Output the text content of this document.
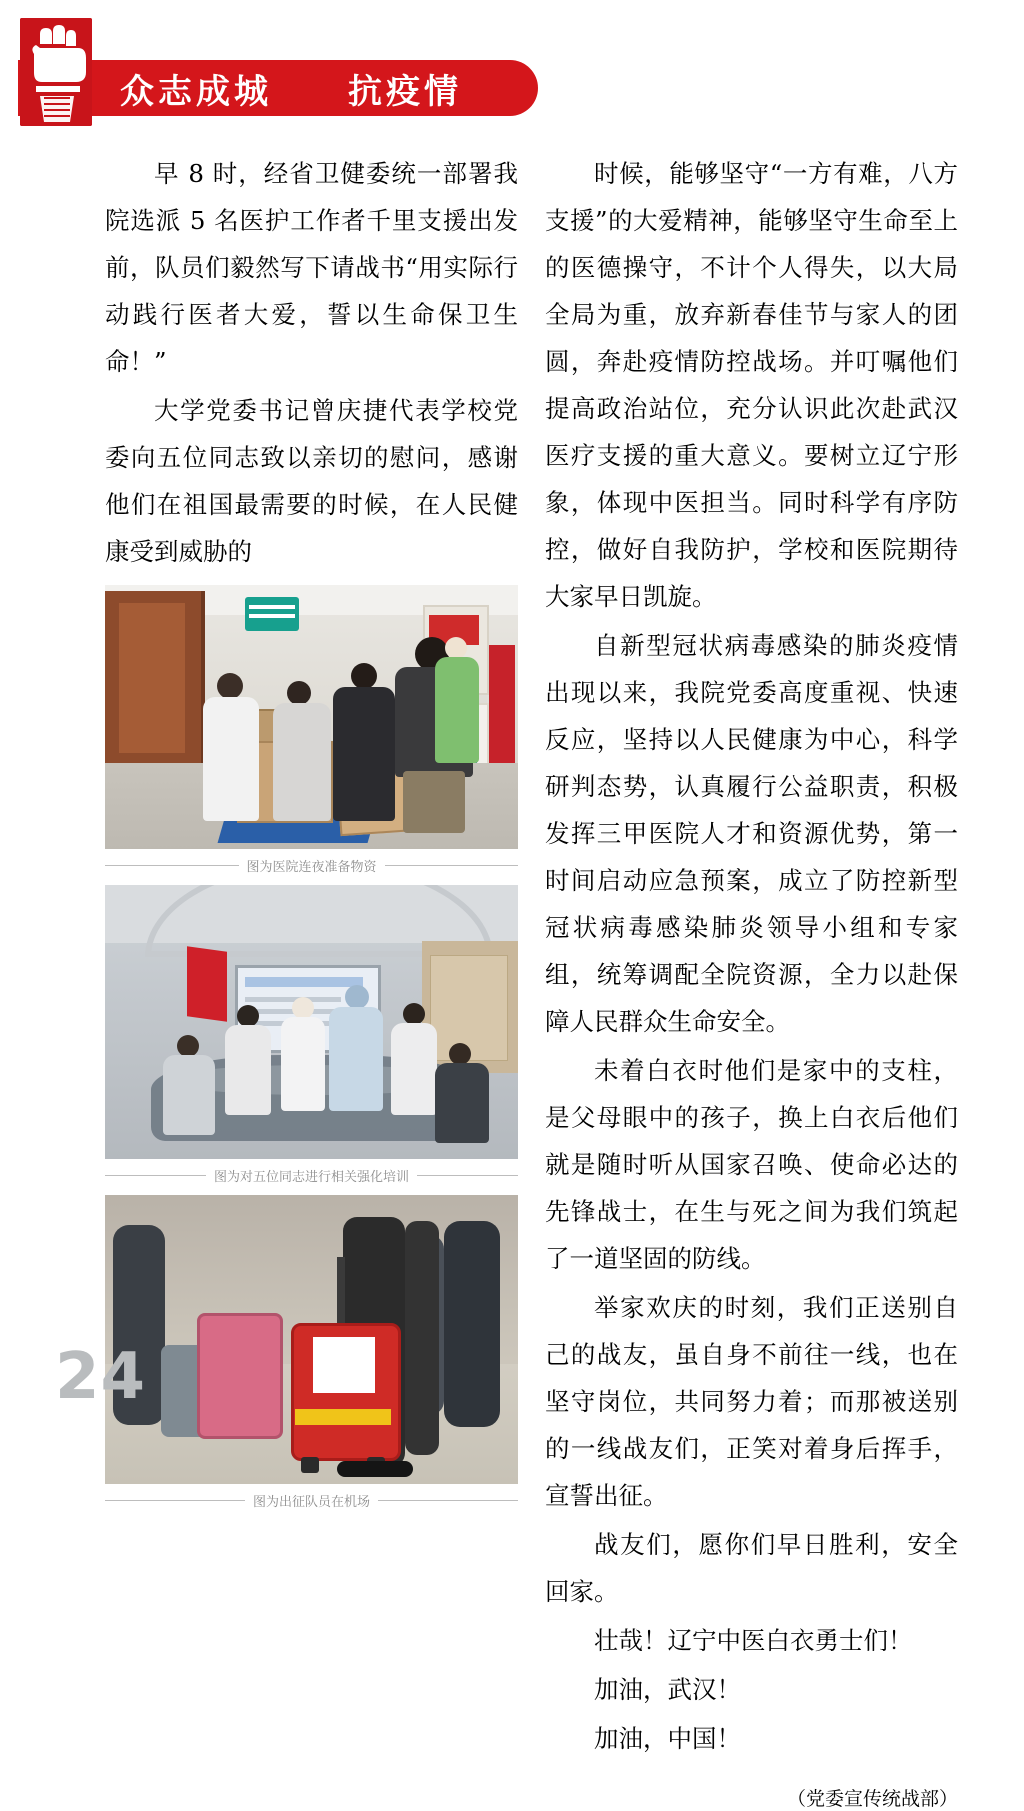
众志成城　　抗疫情

早 8 时，经省卫健委统一部署我院选派 5 名医护工作者千里支援出发前，队员们毅然写下请战书“用实际行动践行医者大爱，誓以生命保卫生命！”

大学党委书记曾庆捷代表学校党委向五位同志致以亲切的慰问，感谢他们在祖国最需要的时候，在人民健康受到威胁的

图为医院连夜准备物资
图为对五位同志进行相关强化培训
图为出征队员在机场

时候，能够坚守“一方有难，八方支援”的大爱精神，能够坚守生命至上的医德操守，不计个人得失，以大局全局为重，放弃新春佳节与家人的团圆，奔赴疫情防控战场。并叮嘱他们提高政治站位，充分认识此次赴武汉医疗支援的重大意义。要树立辽宁形象，体现中医担当。同时科学有序防控，做好自我防护，学校和医院期待大家早日凯旋。

自新型冠状病毒感染的肺炎疫情出现以来，我院党委高度重视、快速反应，坚持以人民健康为中心，科学研判态势，认真履行公益职责，积极发挥三甲医院人才和资源优势，第一时间启动应急预案，成立了防控新型冠状病毒感染肺炎领导小组和专家组，统筹调配全院资源，全力以赴保障人民群众生命安全。

未着白衣时他们是家中的支柱，是父母眼中的孩子，换上白衣后他们就是随时听从国家召唤、使命必达的先锋战士，在生与死之间为我们筑起了一道坚固的防线。

举家欢庆的时刻，我们正送别自己的战友，虽自身不前往一线，也在坚守岗位，共同努力着；而那被送别的一线战友们，正笑对着身后挥手，宣誓出征。

战友们，愿你们早日胜利，安全回家。

壮哉！辽宁中医白衣勇士们！

加油，武汉！

加油，中国！

（党委宣传统战部）
24
